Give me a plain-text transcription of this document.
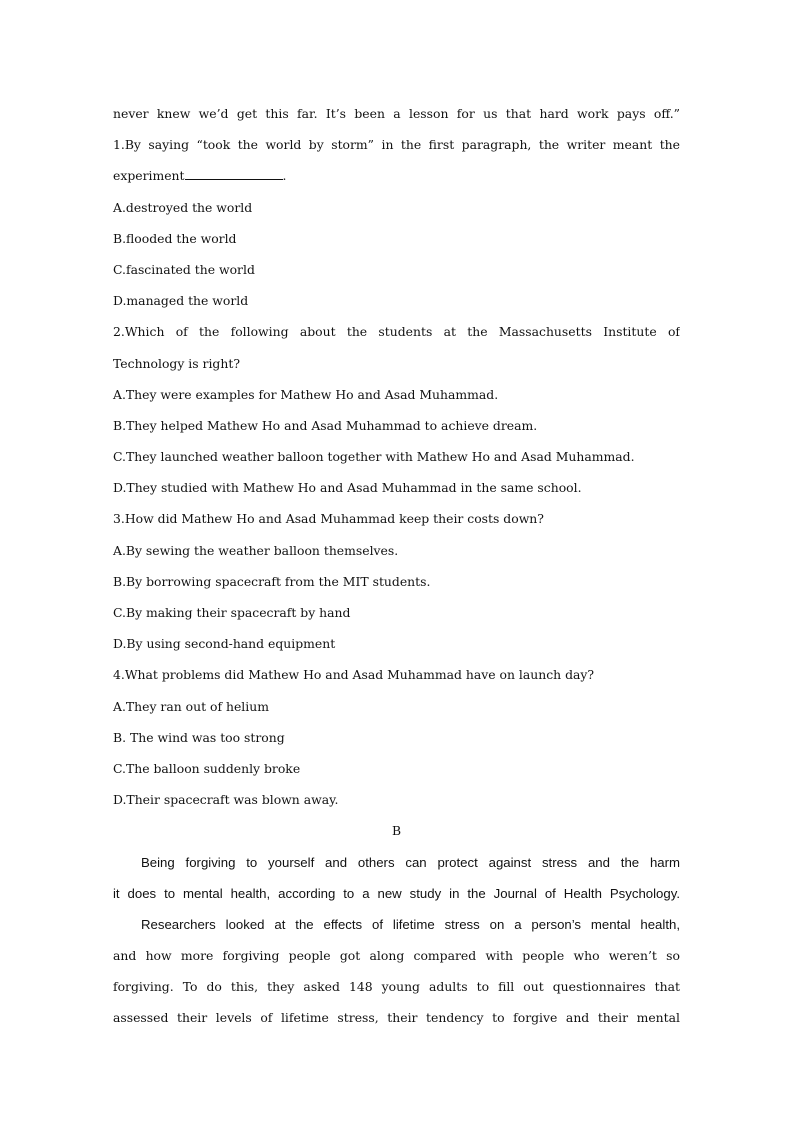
never knew we’d get this far. It’s been a lesson for us that hard work pays off.”
1.By saying “took the world by storm” in the first paragraph, the writer meant the
experiment	.
A.destroyed the world
B.flooded the world
C.fascinated the world
D.managed the world
2.Which of the following about the students at the Massachusetts Institute of
Technology is right?
A.They were examples for Mathew Ho and Asad Muhammad.
B.They helped Mathew Ho and Asad Muhammad to achieve dream.
C.They launched weather balloon together with Mathew Ho and Asad Muhammad.
D.They studied with Mathew Ho and Asad Muhammad in the same school.
3.How did Mathew Ho and Asad Muhammad keep their costs down?
A.By sewing the weather balloon themselves.
B.By borrowing spacecraft from the MIT students.
C.By making their spacecraft by hand
D.By using second-hand equipment
4.What problems did Mathew Ho and Asad Muhammad have on launch day?
A.They ran out of helium
B. The wind was too strong
C.The balloon suddenly broke
D.Their spacecraft was blown away.
B
Being forgiving to yourself and others can protect against stress and the harm
it does to mental health, according to a new study in the Journal of Health Psychology.
Researchers looked at the effects of lifetime stress on a person’s mental health,
and how more forgiving people got along compared with people who weren’t so
forgiving. To do this, they asked 148 young adults to fill out questionnaires that
assessed their levels of lifetime stress, their tendency to forgive and their mental
